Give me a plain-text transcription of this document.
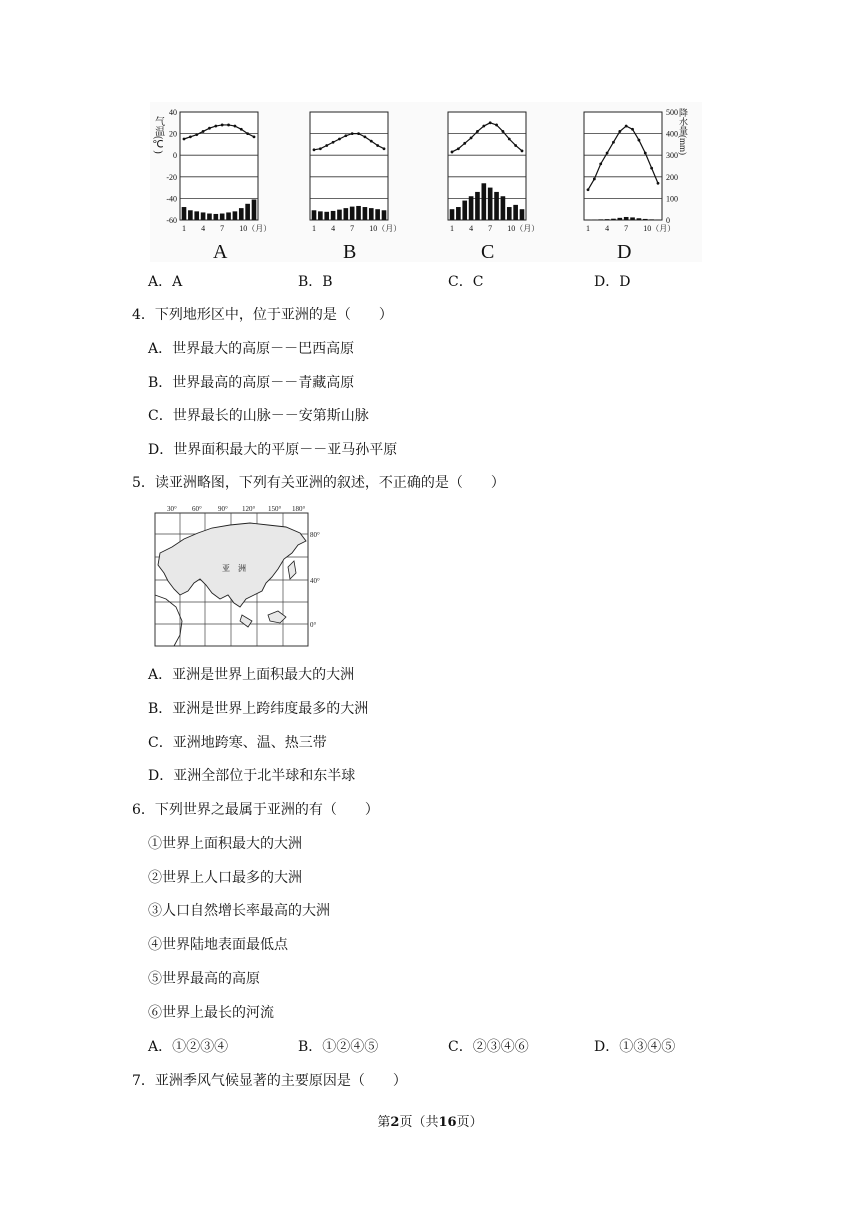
气温(℃)	降水量(mm)
1 4 7 10（月）
A
1 4 7 10（月）
B
1 4 7 10（月）
C
1 4 7 10（月）
D
40
20
0
-20
-40
-60
500
400
300
200
100
0
A．A	B．B	C．C	D．D
4．下列地形区中，位于亚洲的是（　　）
A．世界最大的高原－－巴西高原
B．世界最高的高原－－青藏高原
C．世界最长的山脉－－安第斯山脉
D．世界面积最大的平原－－亚马孙平原
5．读亚洲略图，下列有关亚洲的叙述，不正确的是（　　）
30° 60° 90° 120° 150° 180°
80°
40°
0°
亚　洲
A．亚洲是世界上面积最大的大洲
B．亚洲是世界上跨纬度最多的大洲
C．亚洲地跨寒、温、热三带
D．亚洲全部位于北半球和东半球
6．下列世界之最属于亚洲的有（　　）
①世界上面积最大的大洲
②世界上人口最多的大洲
③人口自然增长率最高的大洲
④世界陆地表面最低点
⑤世界最高的高原
⑥世界上最长的河流
A．①②③④	B．①②④⑤	C．②③④⑥	D．①③④⑤
7．亚洲季风气候显著的主要原因是（　　）
第2页（共16页）
